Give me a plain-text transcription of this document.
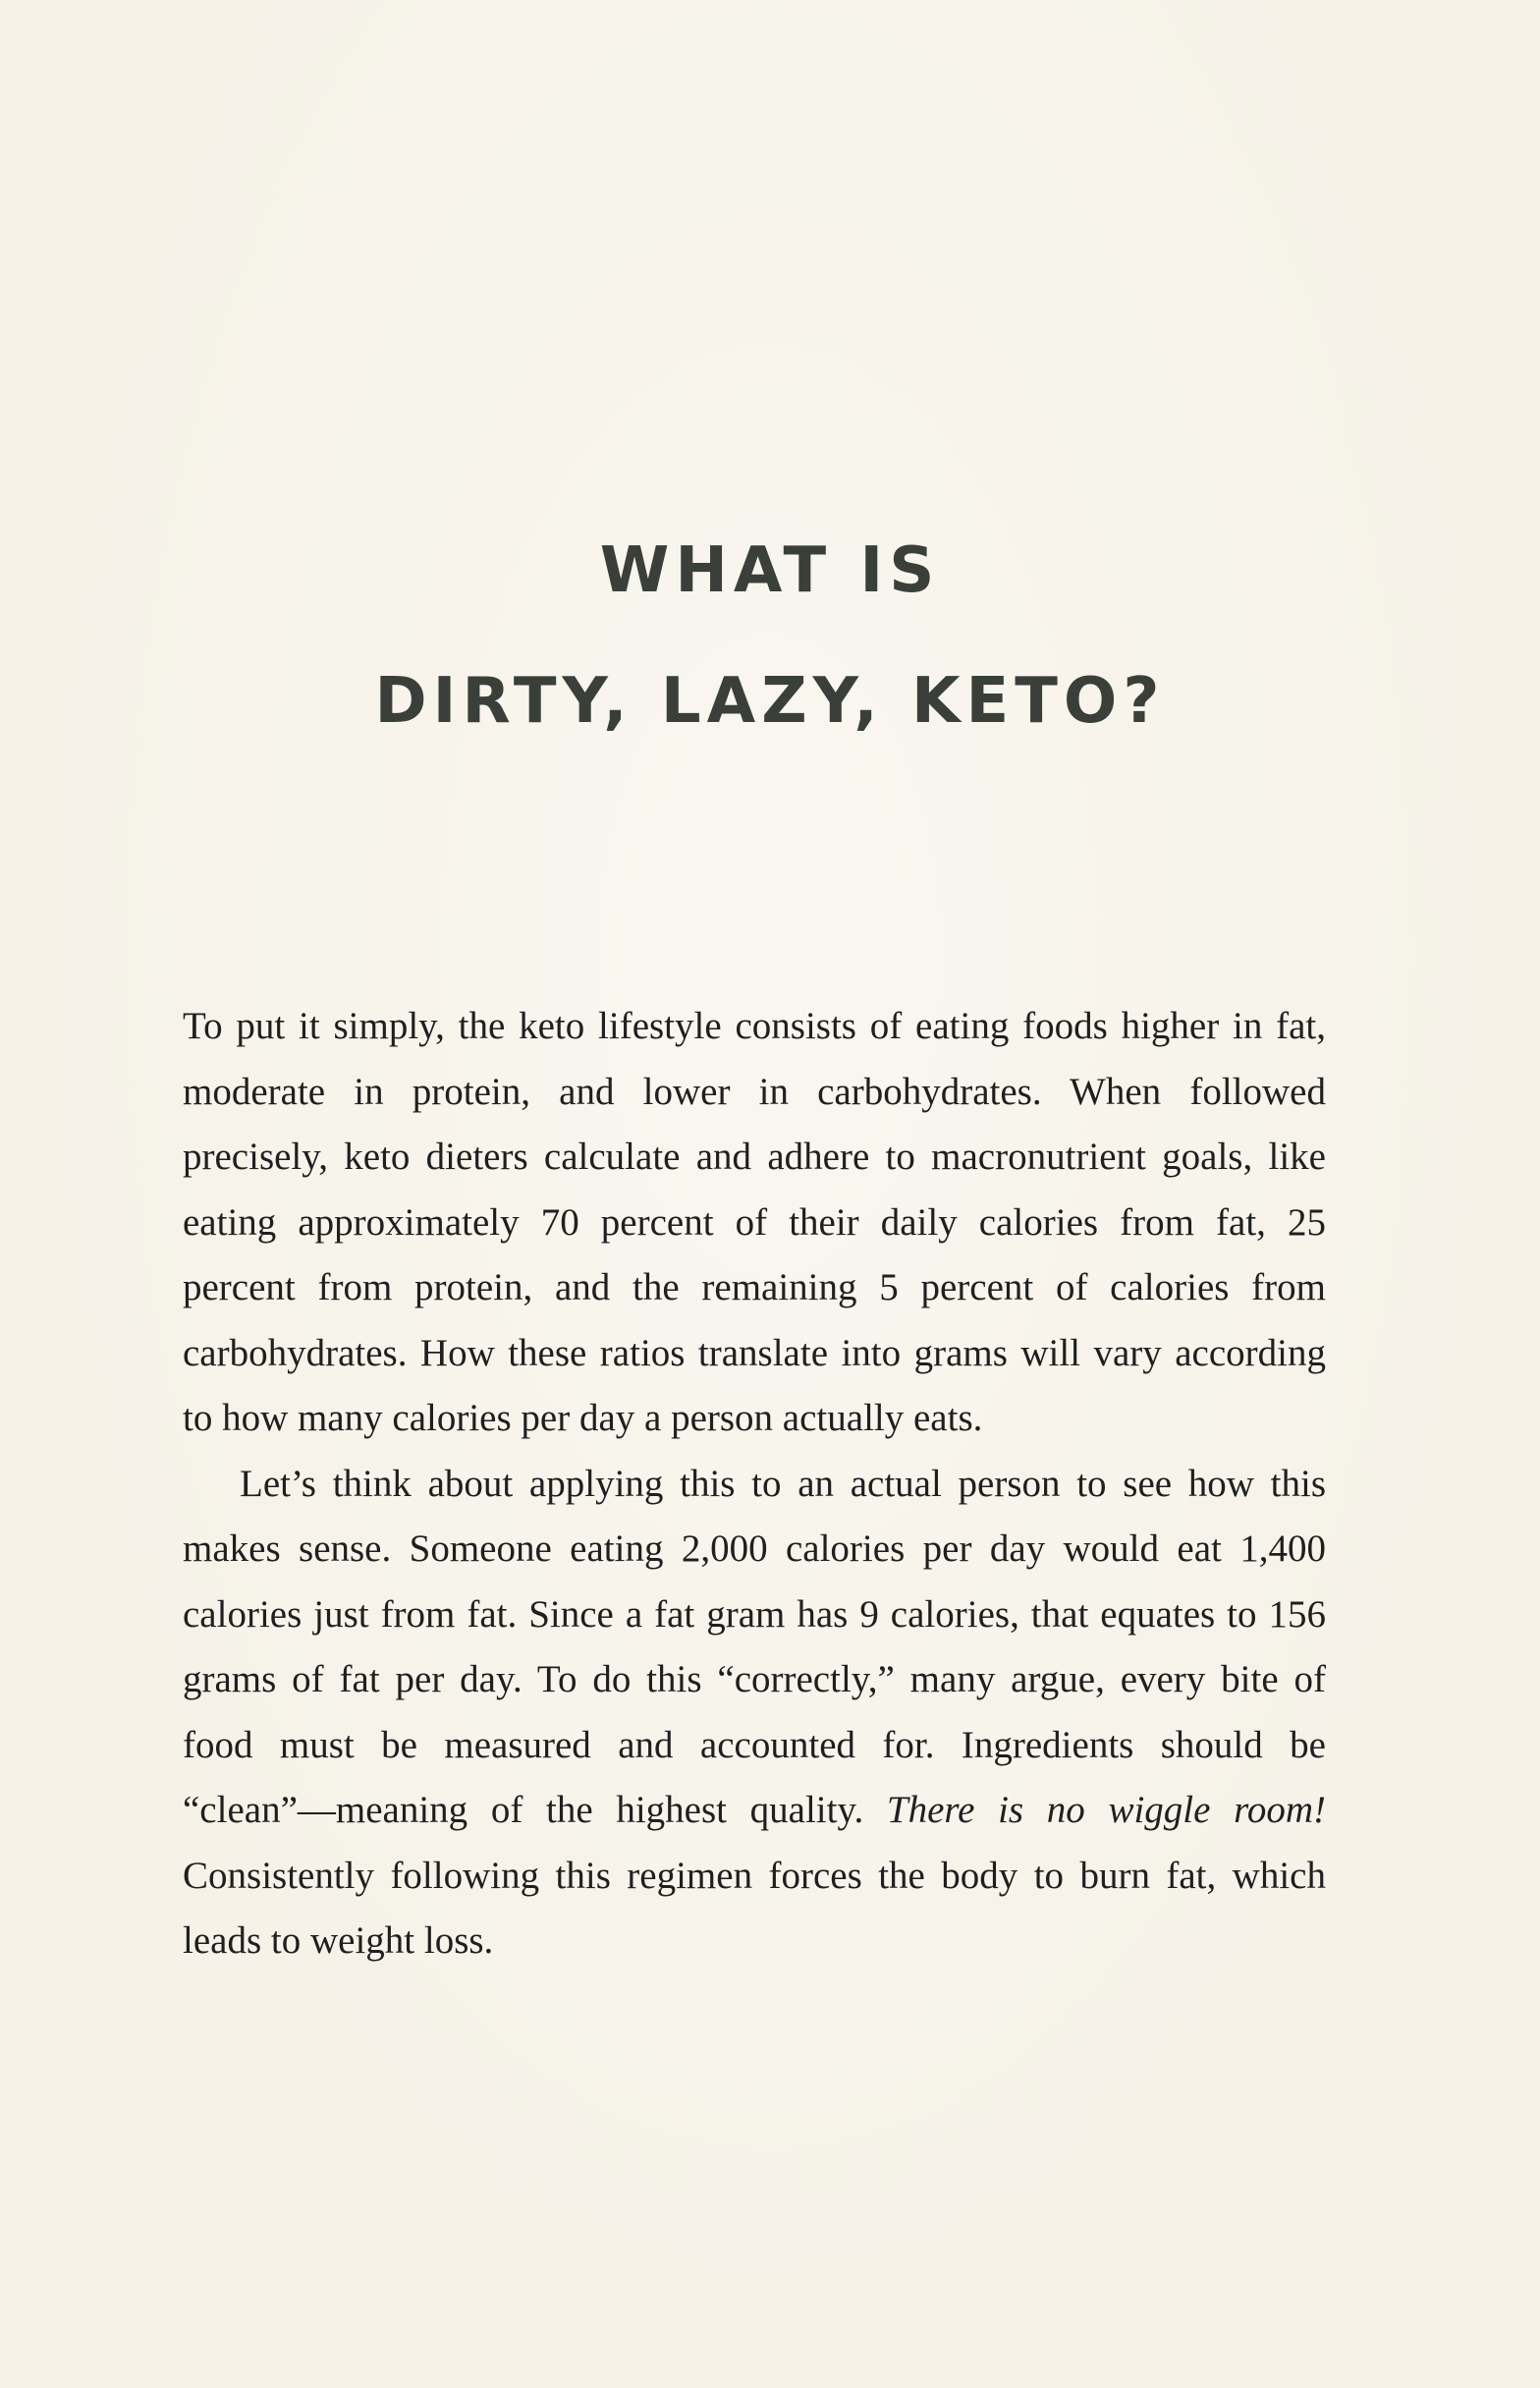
WHAT IS
DIRTY, LAZY, KETO?

To put it simply, the keto lifestyle consists of eating foods higher in fat, moderate in protein, and lower in carbohydrates. When followed precisely, keto dieters calculate and adhere to macronutrient goals, like eating approximately 70 percent of their daily calories from fat, 25 percent from protein, and the remaining 5 percent of calories from carbohydrates. How these ratios translate into grams will vary according to how many calories per day a person actually eats.

Let’s think about applying this to an actual person to see how this makes sense. Someone eating 2,000 calories per day would eat 1,400 calories just from fat. Since a fat gram has 9 calories, that equates to 156 grams of fat per day. To do this “correctly,” many argue, every bite of food must be measured and accounted for. Ingredients should be “clean”—meaning of the highest quality. There is no wiggle room! Consistently following this regimen forces the body to burn fat, which leads to weight loss.
